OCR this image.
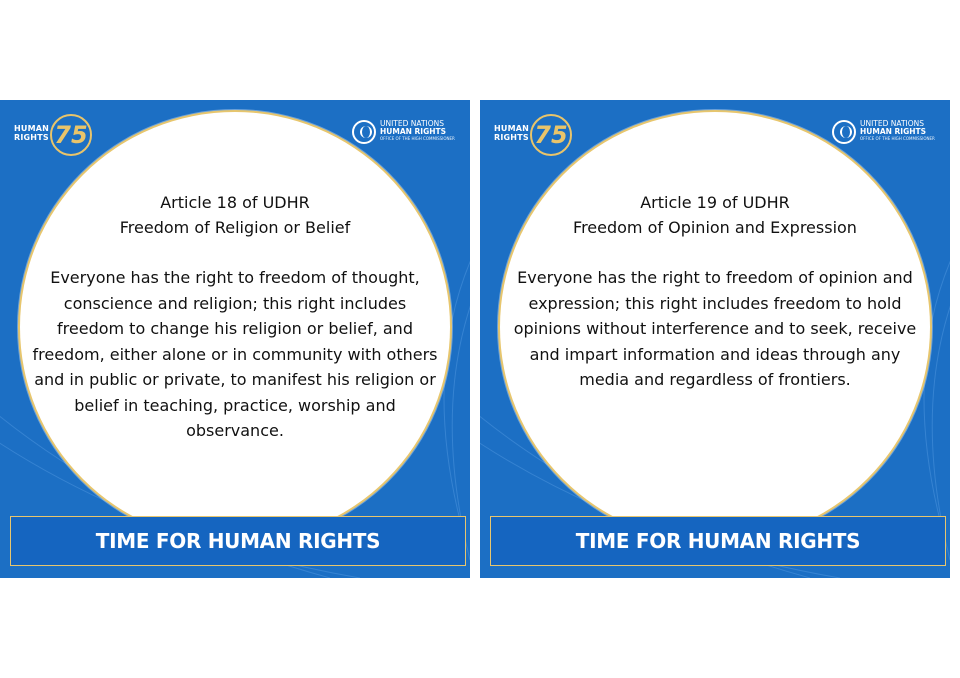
HUMAN
RIGHTS 75	UNITED NATIONS
HUMAN RIGHTS
OFFICE OF THE HIGH COMMISSIONER
Article 18 of UDHR
Freedom of Religion or Belief
Everyone has the right to freedom of thought, conscience and religion; this right includes freedom to change his religion or belief, and freedom, either alone or in community with others and in public or private, to manifest his religion or belief in teaching, practice, worship and observance.
TIME FOR HUMAN RIGHTS
HUMAN
RIGHTS 75	UNITED NATIONS
HUMAN RIGHTS
OFFICE OF THE HIGH COMMISSIONER
Article 19 of UDHR
Freedom of Opinion and Expression
Everyone has the right to freedom of opinion and expression; this right includes freedom to hold opinions without interference and to seek, receive and impart information and ideas through any media and regardless of frontiers.
TIME FOR HUMAN RIGHTS
